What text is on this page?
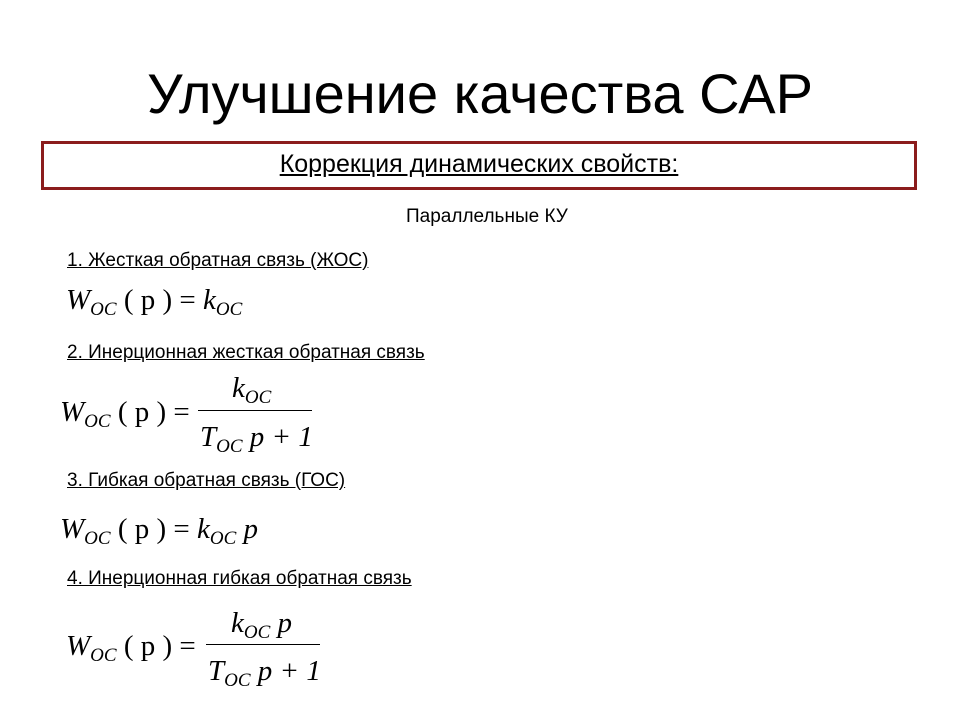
Улучшение качества САР
Коррекция динамических свойств:
Параллельные КУ
1. Жесткая обратная связь (ЖОС)
$W_{ОС}$ ( p ) = $k_{ОС}$
2. Инерционная жесткая обратная связь
$W_{ОС}$ ( p ) =
$k_{ОС}$
$T_{ОС}$ p + 1
3. Гибкая обратная связь (ГОС)
$W_{ОС}$ ( p ) = $k_{ОС}$ p
4. Инерционная гибкая обратная связь
$W_{ОС}$ ( p ) =
$k_{ОС}$ p
$T_{ОС}$ p + 1
